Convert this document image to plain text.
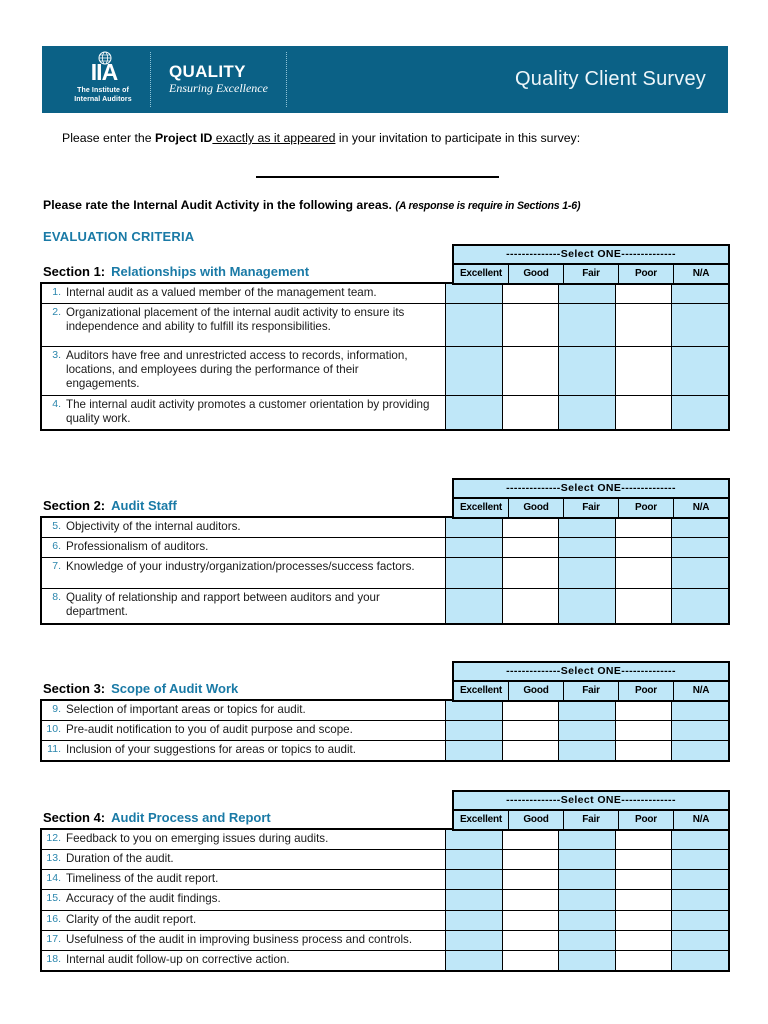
IIA
The Institute of
Internal Auditors
QUALITY
Ensuring Excellence	Quality Client Survey
Please enter the Project ID exactly as it appeared in your invitation to participate in this survey:
Please rate the Internal Audit Activity in the following areas. (A response is require in Sections 1-6)
EVALUATION CRITERIA
Section 1: Relationships with Management
--------------Select ONE--------------
Excellent	Good	Fair	Poor	N/A
1. Internal audit as a valued member of the management team.					
2. Organizational placement of the internal audit activity to ensure its independence and ability to fulfill its responsibilities.					
3. Auditors have free and unrestricted access to records, information, locations, and employees during the performance of their engagements.					
4. The internal audit activity promotes a customer orientation by providing quality work.					
Section 2: Audit Staff
--------------Select ONE--------------
Excellent	Good	Fair	Poor	N/A
5. Objectivity of the internal auditors.					
6. Professionalism of auditors.					
7. Knowledge of your industry/organization/processes/success factors.					
8. Quality of relationship and rapport between auditors and your department.					
Section 3: Scope of Audit Work
--------------Select ONE--------------
Excellent	Good	Fair	Poor	N/A
9. Selection of important areas or topics for audit.					
10. Pre-audit notification to you of audit purpose and scope.					
11. Inclusion of your suggestions for areas or topics to audit.					
Section 4: Audit Process and Report
--------------Select ONE--------------
Excellent	Good	Fair	Poor	N/A
12. Feedback to you on emerging issues during audits.					
13. Duration of the audit.					
14. Timeliness of the audit report.					
15. Accuracy of the audit findings.					
16. Clarity of the audit report.					
17. Usefulness of the audit in improving business process and controls.					
18. Internal audit follow-up on corrective action.					
